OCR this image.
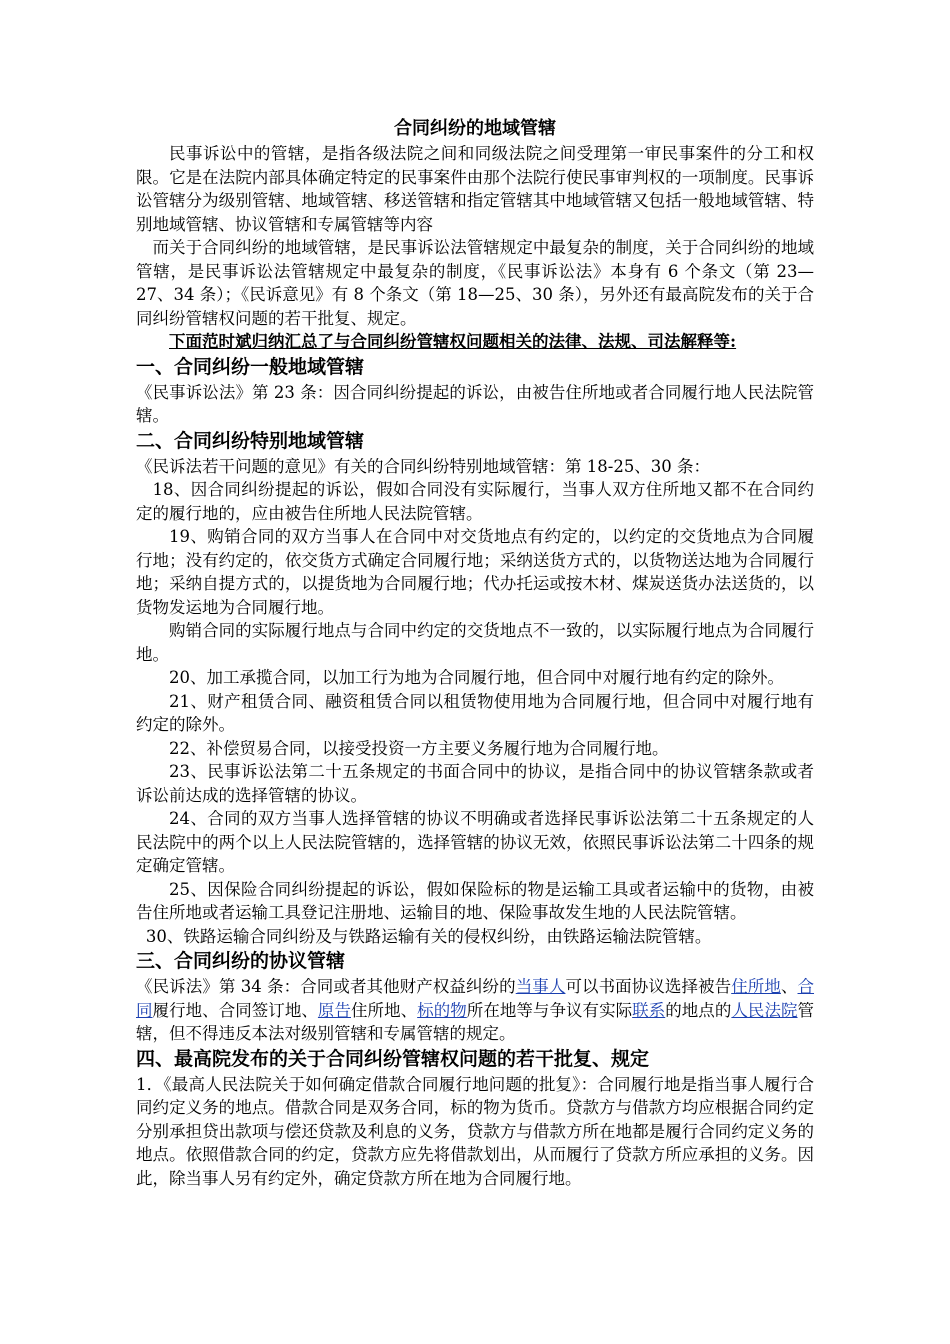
合同纠纷的地域管辖

民事诉讼中的管辖，是指各级法院之间和同级法院之间受理第一审民事案件的分工和权限。它是在法院内部具体确定特定的民事案件由那个法院行使民事审判权的一项制度。民事诉讼管辖分为级别管辖、地域管辖、移送管辖和指定管辖其中地域管辖又包括一般地域管辖、特别地域管辖、协议管辖和专属管辖等内容

而关于合同纠纷的地域管辖，是民事诉讼法管辖规定中最复杂的制度，关于合同纠纷的地域管辖，是民事诉讼法管辖规定中最复杂的制度，《民事诉讼法》本身有 6 个条文（第 23—27、34 条）；《民诉意见》有 8 个条文（第 18—25、30 条），另外还有最高院发布的关于合同纠纷管辖权问题的若干批复、规定。

下面范时斌归纳汇总了与合同纠纷管辖权问题相关的法律、法规、司法解释等:

一、合同纠纷一般地域管辖

《民事诉讼法》第 23 条：因合同纠纷提起的诉讼，由被告住所地或者合同履行地人民法院管辖。

二、合同纠纷特别地域管辖

《民诉法若干问题的意见》有关的合同纠纷特别地域管辖：第 18-25、30 条：

18、因合同纠纷提起的诉讼，假如合同没有实际履行，当事人双方住所地又都不在合同约定的履行地的，应由被告住所地人民法院管辖。

19、购销合同的双方当事人在合同中对交货地点有约定的，以约定的交货地点为合同履行地；没有约定的，依交货方式确定合同履行地；采纳送货方式的，以货物送达地为合同履行地；采纳自提方式的，以提货地为合同履行地；代办托运或按木材、煤炭送货办法送货的，以货物发运地为合同履行地。

购销合同的实际履行地点与合同中约定的交货地点不一致的，以实际履行地点为合同履行地。

20、加工承揽合同，以加工行为地为合同履行地，但合同中对履行地有约定的除外。

21、财产租赁合同、融资租赁合同以租赁物使用地为合同履行地，但合同中对履行地有约定的除外。

22、补偿贸易合同，以接受投资一方主要义务履行地为合同履行地。

23、民事诉讼法第二十五条规定的书面合同中的协议，是指合同中的协议管辖条款或者诉讼前达成的选择管辖的协议。

24、合同的双方当事人选择管辖的协议不明确或者选择民事诉讼法第二十五条规定的人民法院中的两个以上人民法院管辖的，选择管辖的协议无效，依照民事诉讼法第二十四条的规定确定管辖。

25、因保险合同纠纷提起的诉讼，假如保险标的物是运输工具或者运输中的货物，由被告住所地或者运输工具登记注册地、运输目的地、保险事故发生地的人民法院管辖。

30、铁路运输合同纠纷及与铁路运输有关的侵权纠纷，由铁路运输法院管辖。

三、合同纠纷的协议管辖

《民诉法》第 34 条：合同或者其他财产权益纠纷的当事人可以书面协议选择被告住所地、合同履行地、合同签订地、原告住所地、标的物所在地等与争议有实际联系的地点的人民法院管辖，但不得违反本法对级别管辖和专属管辖的规定。

四、最高院发布的关于合同纠纷管辖权问题的若干批复、规定

1．《最高人民法院关于如何确定借款合同履行地问题的批复》：合同履行地是指当事人履行合同约定义务的地点。借款合同是双务合同，标的物为货币。贷款方与借款方均应根据合同约定分别承担贷出款项与偿还贷款及利息的义务，贷款方与借款方所在地都是履行合同约定义务的地点。依照借款合同的约定，贷款方应先将借款划出，从而履行了贷款方所应承担的义务。因此，除当事人另有约定外，确定贷款方所在地为合同履行地。
